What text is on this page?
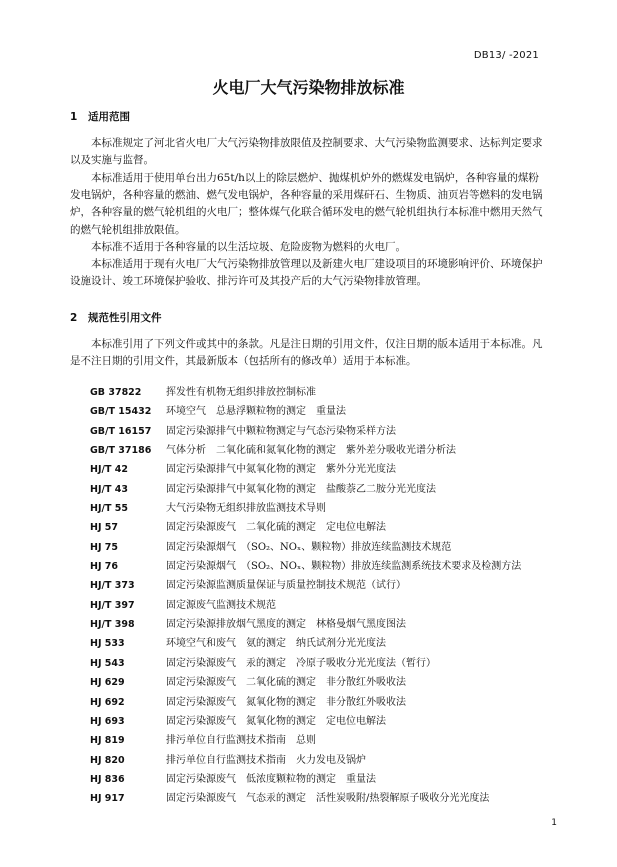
DB13/ -2021
火电厂大气污染物排放标准
1 适用范围

本标准规定了河北省火电厂大气污染物排放限值及控制要求、大气污染物监测要求、达标判定要求以及实施与监督。

本标准适用于使用单台出力65t/h以上的除层燃炉、抛煤机炉外的燃煤发电锅炉，各种容量的煤粉发电锅炉，各种容量的燃油、燃气发电锅炉，各种容量的采用煤矸石、生物质、油页岩等燃料的发电锅炉，各种容量的燃气轮机组的火电厂；整体煤气化联合循环发电的燃气轮机组执行本标准中燃用天然气的燃气轮机组排放限值。

本标准不适用于各种容量的以生活垃圾、危险废物为燃料的火电厂。

本标准适用于现有火电厂大气污染物排放管理以及新建火电厂建设项目的环境影响评价、环境保护设施设计、竣工环境保护验收、排污许可及其投产后的大气污染物排放管理。

2 规范性引用文件

本标准引用了下列文件或其中的条款。凡是注日期的引用文件，仅注日期的版本适用于本标准。凡是不注日期的引用文件，其最新版本（包括所有的修改单）适用于本标准。

GB 37822	挥发性有机物无组织排放控制标准
GB/T 15432	环境空气　总悬浮颗粒物的测定　重量法
GB/T 16157	固定污染源排气中颗粒物测定与气态污染物采样方法
GB/T 37186	气体分析　二氧化硫和氮氧化物的测定　紫外差分吸收光谱分析法
HJ/T 42	固定污染源排气中氮氧化物的测定　紫外分光光度法
HJ/T 43	固定污染源排气中氮氧化物的测定　盐酸萘乙二胺分光光度法
HJ/T 55	大气污染物无组织排放监测技术导则
HJ 57	固定污染源废气　二氧化硫的测定　定电位电解法
HJ 75	固定污染源烟气　（SO₂、NOₓ、颗粒物）排放连续监测技术规范
HJ 76	固定污染源烟气　（SO₂、NOₓ、颗粒物）排放连续监测系统技术要求及检测方法
HJ/T 373	固定污染源监测质量保证与质量控制技术规范（试行）
HJ/T 397	固定源废气监测技术规范
HJ/T 398	固定污染源排放烟气黑度的测定　林格曼烟气黑度图法
HJ 533	环境空气和废气　氨的测定　纳氏试剂分光光度法
HJ 543	固定污染源废气　汞的测定　冷原子吸收分光光度法（暂行）
HJ 629	固定污染源废气　二氧化硫的测定　非分散红外吸收法
HJ 692	固定污染源废气　氮氧化物的测定　非分散红外吸收法
HJ 693	固定污染源废气　氮氧化物的测定　定电位电解法
HJ 819	排污单位自行监测技术指南　总则
HJ 820	排污单位自行监测技术指南　火力发电及锅炉
HJ 836	固定污染源废气　低浓度颗粒物的测定　重量法
HJ 917	固定污染源废气　气态汞的测定　活性炭吸附/热裂解原子吸收分光光度法
1
